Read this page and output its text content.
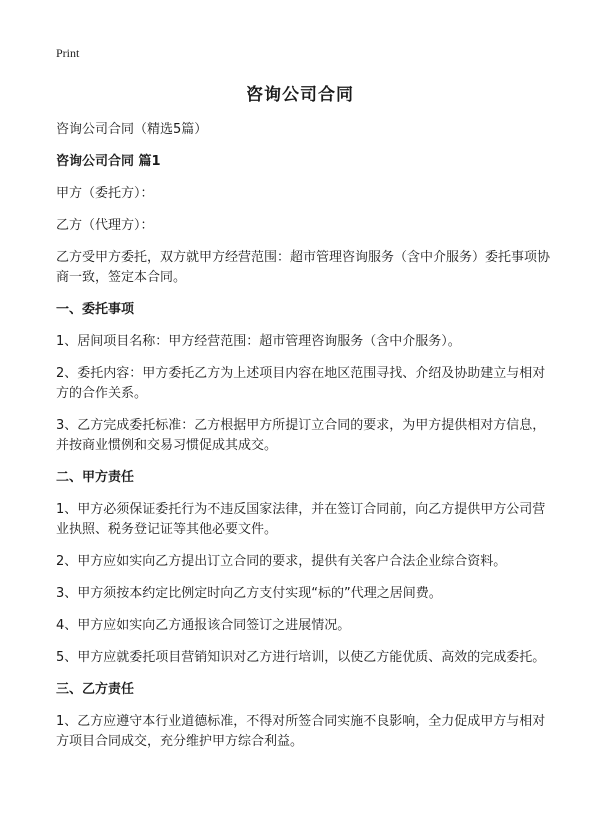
Print
咨询公司合同

咨询公司合同（精选5篇）

咨询公司合同 篇1

甲方（委托方）：

乙方（代理方）：

乙方受甲方委托，双方就甲方经营范围：超市管理咨询服务（含中介服务）委托事项协商一致，签定本合同。

一、委托事项

1、居间项目名称：甲方经营范围：超市管理咨询服务（含中介服务）。

2、委托内容：甲方委托乙方为上述项目内容在地区范围寻找、介绍及协助建立与相对方的合作关系。

3、乙方完成委托标准：乙方根据甲方所提订立合同的要求，为甲方提供相对方信息，并按商业惯例和交易习惯促成其成交。

二、甲方责任

1、甲方必须保证委托行为不违反国家法律，并在签订合同前，向乙方提供甲方公司营业执照、税务登记证等其他必要文件。

2、甲方应如实向乙方提出订立合同的要求，提供有关客户合法企业综合资料。

3、甲方须按本约定比例定时向乙方支付实现“标的”代理之居间费。

4、甲方应如实向乙方通报该合同签订之进展情况。

5、甲方应就委托项目营销知识对乙方进行培训，以使乙方能优质、高效的完成委托。

三、乙方责任

1、乙方应遵守本行业道德标准，不得对所签合同实施不良影响，全力促成甲方与相对方项目合同成交，充分维护甲方综合利益。
